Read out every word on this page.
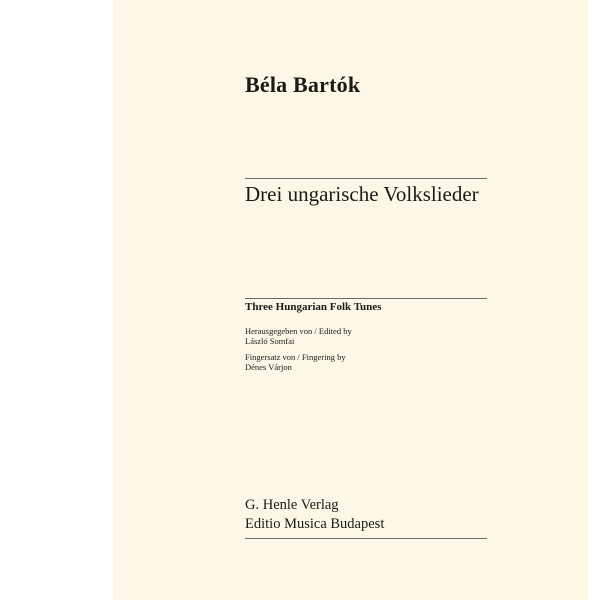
Béla Bartók
Drei ungarische Volkslieder
Three Hungarian Folk Tunes
Herausgegeben von / Edited by
László Somfai
Fingersatz von / Fingering by
Dénes Várjon
G. Henle Verlag
Editio Musica Budapest
